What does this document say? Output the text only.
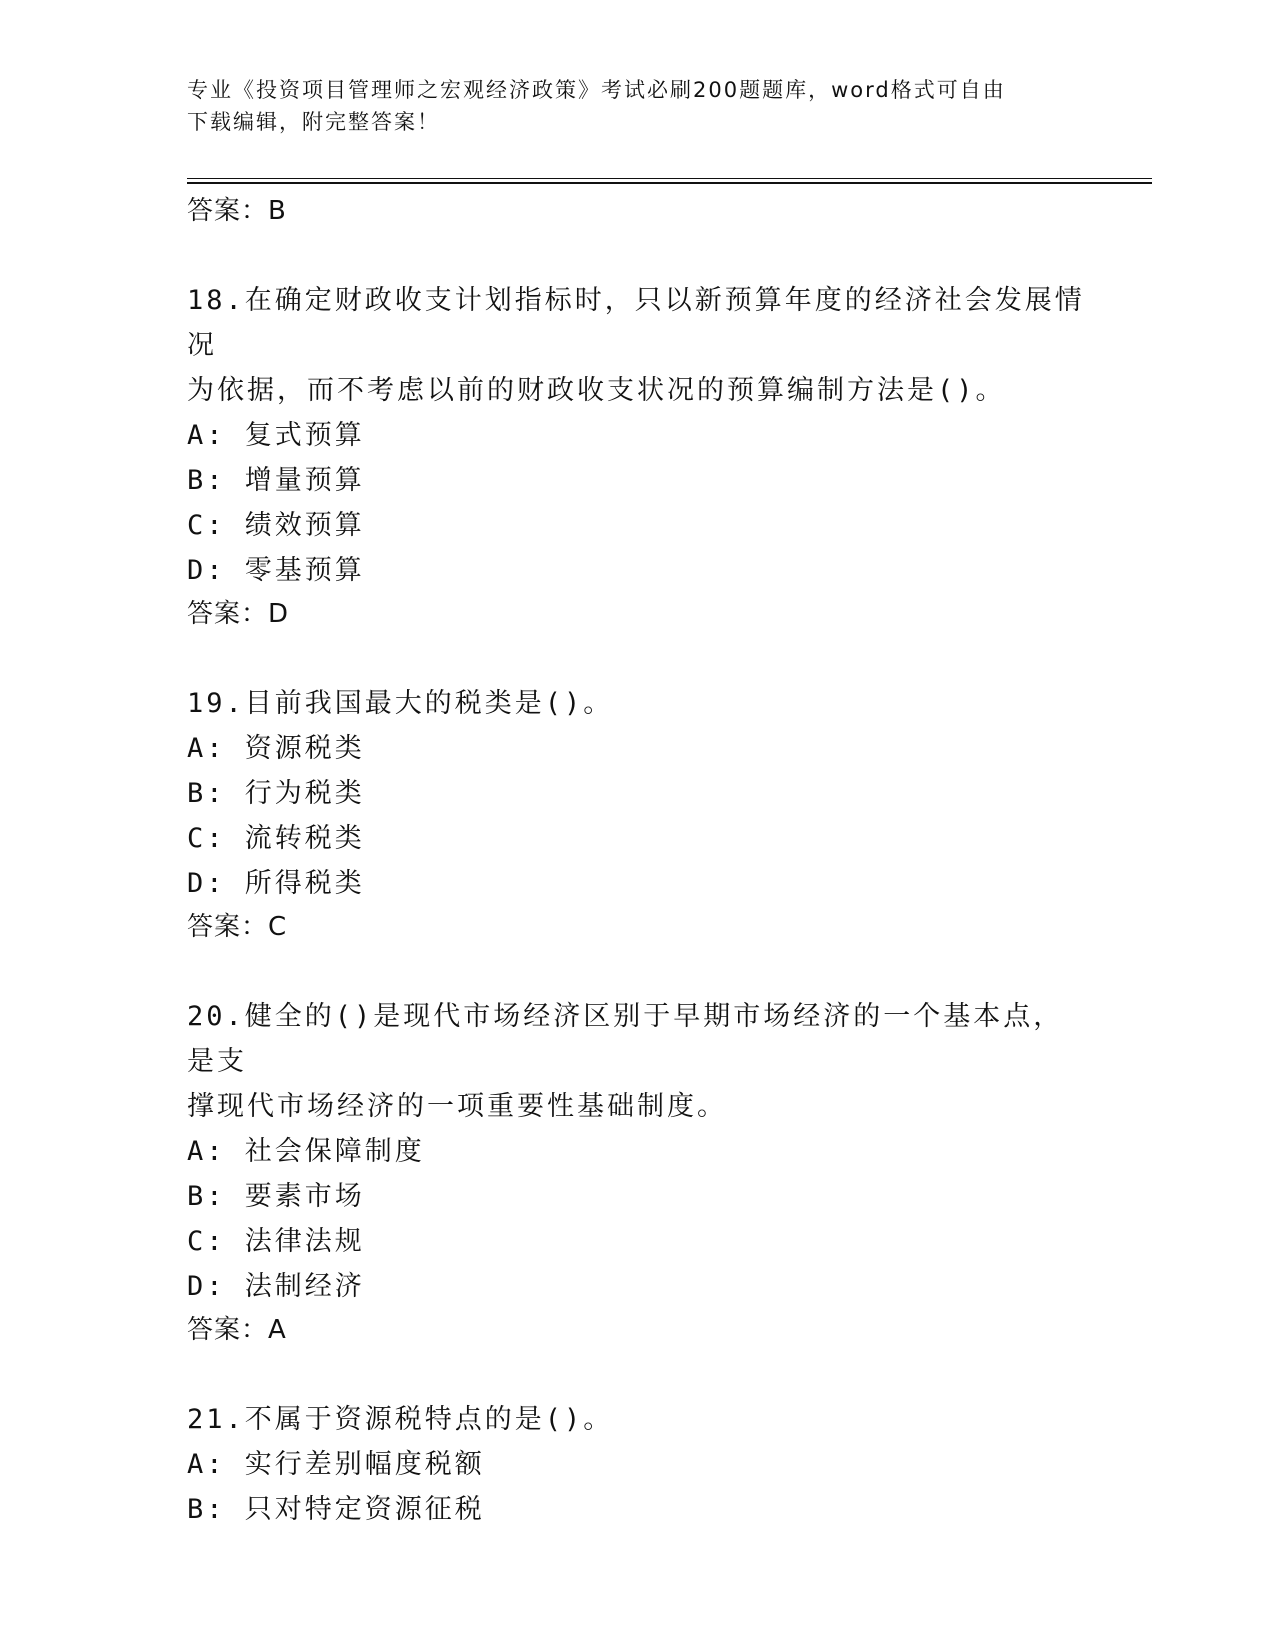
专业《投资项目管理师之宏观经济政策》考试必刷200题题库，word格式可自由
下载编辑，附完整答案！
答案：B
18.在确定财政收支计划指标时，只以新预算年度的经济社会发展情况
为依据，而不考虑以前的财政收支状况的预算编制方法是()。
A: 复式预算
B: 增量预算
C: 绩效预算
D: 零基预算
答案：D
19.目前我国最大的税类是()。
A: 资源税类
B: 行为税类
C: 流转税类
D: 所得税类
答案：C
20.健全的()是现代市场经济区别于早期市场经济的一个基本点，是支
撑现代市场经济的一项重要性基础制度。
A: 社会保障制度
B: 要素市场
C: 法律法规
D: 法制经济
答案：A
21.不属于资源税特点的是()。
A: 实行差别幅度税额
B: 只对特定资源征税
